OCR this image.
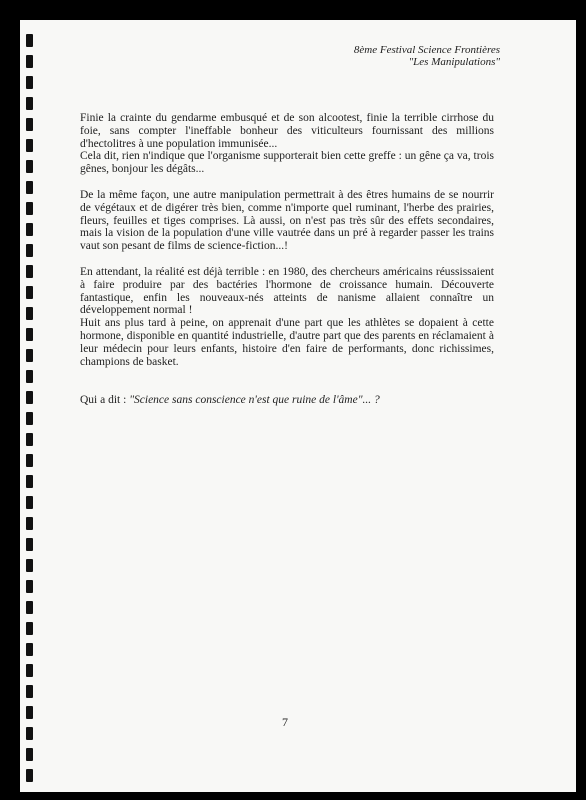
8ème Festival Science Frontières
"Les Manipulations"

Finie la crainte du gendarme embusqué et de son alcootest, finie la terrible cirrhose du foie, sans compter l'ineffable bonheur des viticulteurs fournissant des millions d'hectolitres à une population immunisée...

Cela dit, rien n'indique que l'organisme supporterait bien cette greffe : un gêne ça va, trois gênes, bonjour les dégâts...

De la même façon, une autre manipulation permettrait à des êtres humains de se nourrir de végétaux et de digérer très bien, comme n'importe quel ruminant, l'herbe des prairies, fleurs, feuilles et tiges comprises. Là aussi, on n'est pas très sûr des effets secondaires, mais la vision de la population d'une ville vautrée dans un pré à regarder passer les trains vaut son pesant de films de science-fiction...!

En attendant, la réalité est déjà terrible : en 1980, des chercheurs américains réussissaient à faire produire par des bactéries l'hormone de croissance humain. Découverte fantastique, enfin les nouveaux-nés atteints de nanisme allaient connaître un développement normal !

Huit ans plus tard à peine, on apprenait d'une part que les athlètes se dopaient à cette hormone, disponible en quantité industrielle, d'autre part que des parents en réclamaient à leur médecin pour leurs enfants, histoire d'en faire de performants, donc richissimes, champions de basket.

Qui a dit : "Science sans conscience n'est que ruine de l'âme"... ?

7
